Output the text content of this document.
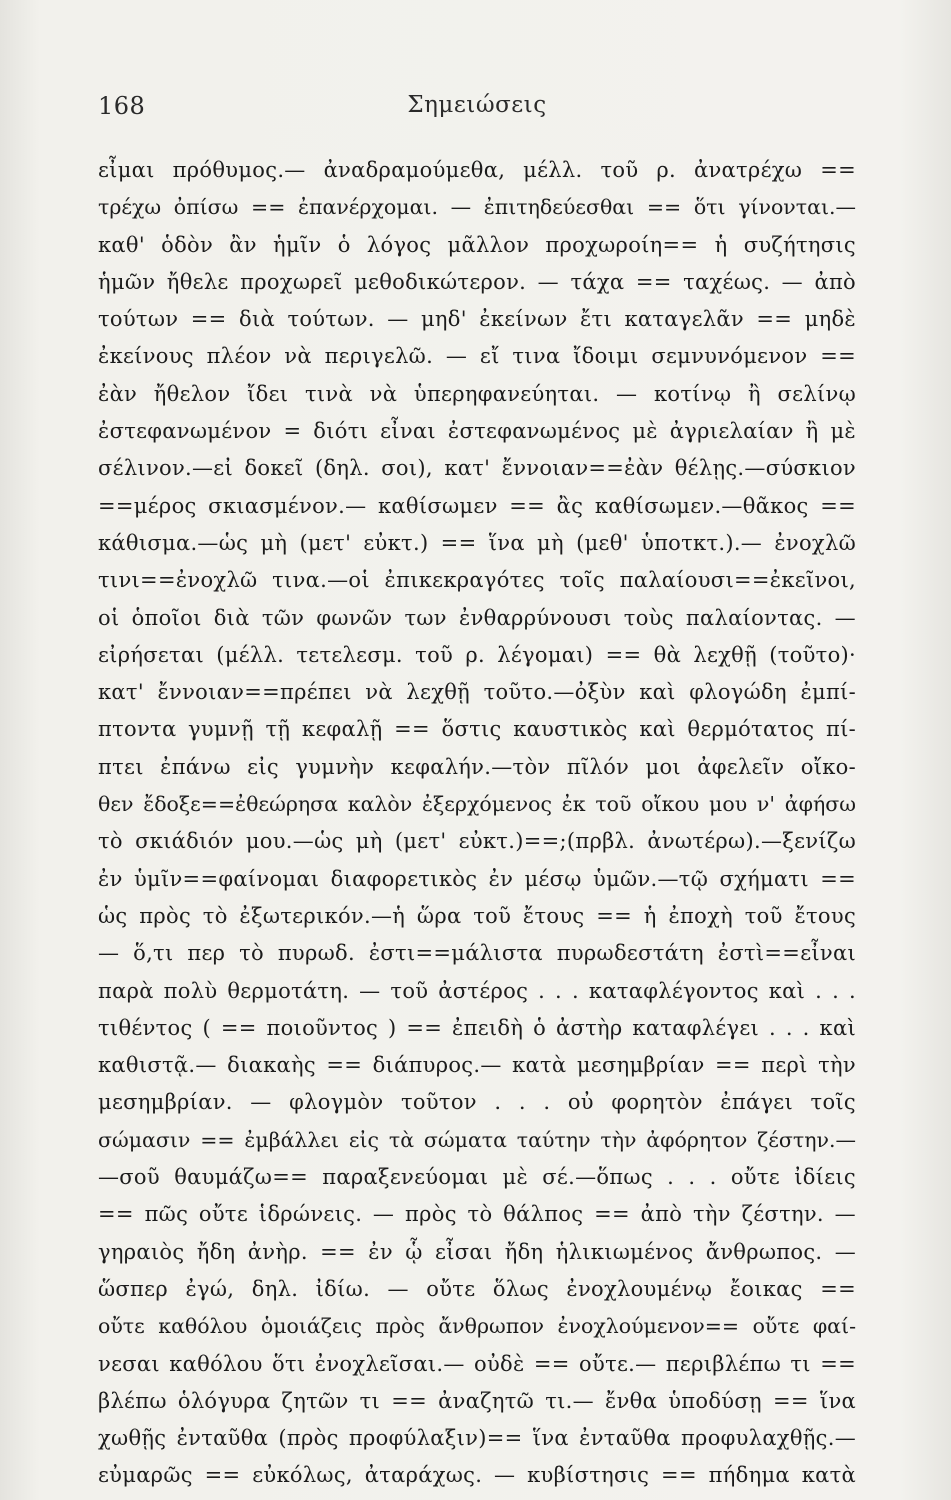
168	Σημειώσεις
εἶμαι πρόθυμος.— ἀναδραμούμεθα, μέλλ. τοῦ ρ. ἀνατρέχω ==
τρέχω ὀπίσω == ἐπανέρχομαι. — ἐπιτηδεύεσθαι == ὅτι γίνονται.—
καθ' ὁδὸν ἂν ἡμῖν ὁ λόγος μᾶλλον προχωροίη== ἡ συζήτησις
ἡμῶν ἤθελε προχωρεῖ μεθοδικώτερον. — τάχα == ταχέως. — ἀπὸ
τούτων == διὰ τούτων. — μηδ' ἐκείνων ἔτι καταγελᾶν == μηδὲ
ἐκείνους πλέον νὰ περιγελῶ. — εἴ τινα ἴδοιμι σεμνυνόμενον ==
ἐὰν ἤθελον ἴδει τινὰ νὰ ὑπερηφανεύηται. — κοτίνῳ ἢ σελίνῳ
ἐστεφανωμένον = διότι εἶναι ἐστεφανωμένος μὲ ἀγριελαίαν ἢ μὲ
σέλινον.—εἰ δοκεῖ (δηλ. σοι), κατ' ἔννοιαν==ἐὰν θέλῃς.—σύσκιον
==μέρος σκιασμένον.— καθίσωμεν == ἂς καθίσωμεν.—θᾶκος ==
κάθισμα.—ὡς μὴ (μετ' εὐκτ.) == ἵνα μὴ (μεθ' ὑποτκτ.).— ἐνοχλῶ
τινι==ἐνοχλῶ τινα.—οἱ ἐπικεκραγότες τοῖς παλαίουσι==ἐκεῖνοι,
οἱ ὁποῖοι διὰ τῶν φωνῶν των ἐνθαρρύνουσι τοὺς παλαίοντας. —
εἰρήσεται (μέλλ. τετελεσμ. τοῦ ρ. λέγομαι) == θὰ λεχθῇ (τοῦτο)·
κατ' ἔννοιαν==πρέπει νὰ λεχθῇ τοῦτο.—ὀξὺν καὶ φλογώδη ἐμπί-
πτοντα γυμνῇ τῇ κεφαλῇ == ὅστις καυστικὸς καὶ θερμότατος πί-
πτει ἐπάνω εἰς γυμνὴν κεφαλήν.—τὸν πῖλόν μοι ἀφελεῖν οἴκο-
θεν ἔδοξε==ἐθεώρησα καλὸν ἐξερχόμενος ἐκ τοῦ οἴκου μου ν' ἀφήσω
τὸ σκιάδιόν μου.—ὡς μὴ (μετ' εὐκτ.)==;(πρβλ. ἀνωτέρω).—ξενίζω
ἐν ὑμῖν==φαίνομαι διαφορετικὸς ἐν μέσῳ ὑμῶν.—τῷ σχήματι ==
ὡς πρὸς τὸ ἐξωτερικόν.—ἡ ὥρα τοῦ ἔτους == ἡ ἐποχὴ τοῦ ἔτους
— ὅ,τι περ τὸ πυρωδ. ἐστι==μάλιστα πυρωδεστάτη ἐστὶ==εἶναι
παρὰ πολὺ θερμοτάτη. — τοῦ ἀστέρος . . . καταφλέγοντος καὶ . . .
τιθέντος ( == ποιοῦντος ) == ἐπειδὴ ὁ ἀστὴρ καταφλέγει . . . καὶ
καθιστᾷ.— διακαὴς == διάπυρος.— κατὰ μεσημβρίαν == περὶ τὴν
μεσημβρίαν. — φλογμὸν τοῦτον . . . οὐ φορητὸν ἐπάγει τοῖς
σώμασιν == ἐμβάλλει εἰς τὰ σώματα ταύτην τὴν ἀφόρητον ζέστην.—
—σοῦ θαυμάζω== παραξενεύομαι μὲ σέ.—ὅπως . . . οὔτε ἰδίεις
== πῶς οὔτε ἱδρώνεις. — πρὸς τὸ θάλπος == ἀπὸ τὴν ζέστην. —
γηραιὸς ἤδη ἀνὴρ. == ἐν ᾧ εἶσαι ἤδη ἡλικιωμένος ἄνθρωπος. —
ὥσπερ ἐγώ, δηλ. ἰδίω. — οὔτε ὅλως ἐνοχλουμένῳ ἔοικας ==
οὔτε καθόλου ὁμοιάζεις πρὸς ἄνθρωπον ἐνοχλούμενον== οὔτε φαί-
νεσαι καθόλου ὅτι ἐνοχλεῖσαι.— οὐδὲ == οὔτε.— περιβλέπω τι ==
βλέπω ὁλόγυρα ζητῶν τι == ἀναζητῶ τι.— ἔνθα ὑποδύσῃ == ἵνα
χωθῇς ἐνταῦθα (πρὸς προφύλαξιν)== ἵνα ἐνταῦθα προφυλαχθῇς.—
εὐμαρῶς == εὐκόλως, ἀταράχως. — κυβίστησις == πήδημα κατὰ
